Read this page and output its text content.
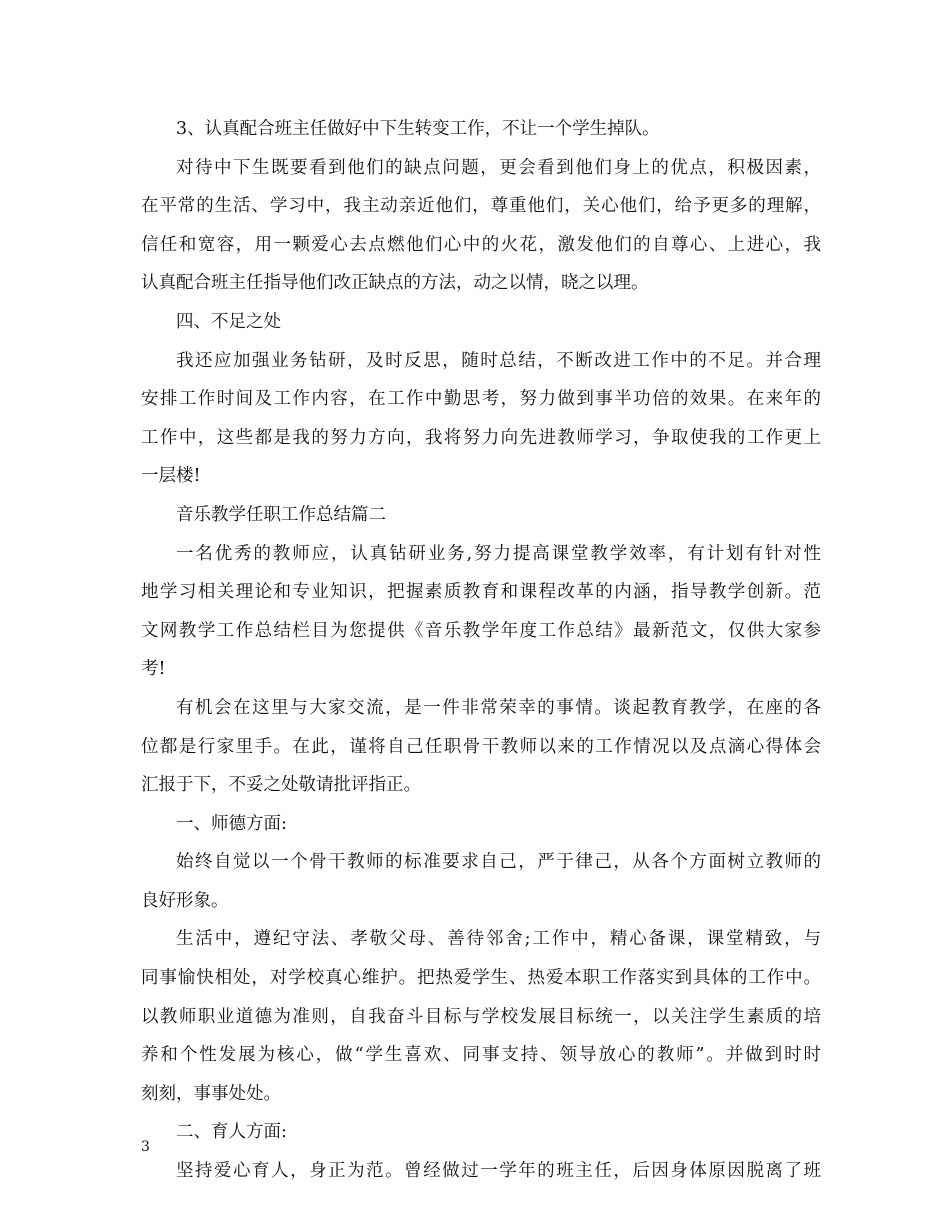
3、认真配合班主任做好中下生转变工作，不让一个学生掉队。
对待中下生既要看到他们的缺点问题，更会看到他们身上的优点，积极因素，
在平常的生活、学习中，我主动亲近他们，尊重他们，关心他们，给予更多的理解，
信任和宽容，用一颗爱心去点燃他们心中的火花，激发他们的自尊心、上进心，我
认真配合班主任指导他们改正缺点的方法，动之以情，晓之以理。
四、不足之处
我还应加强业务钻研，及时反思，随时总结，不断改进工作中的不足。并合理
安排工作时间及工作内容，在工作中勤思考，努力做到事半功倍的效果。在来年的
工作中，这些都是我的努力方向，我将努力向先进教师学习，争取使我的工作更上
一层楼!
音乐教学任职工作总结篇二
一名优秀的教师应，认真钻研业务,努力提高课堂教学效率，有计划有针对性
地学习相关理论和专业知识，把握素质教育和课程改革的内涵，指导教学创新。范
文网教学工作总结栏目为您提供《音乐教学年度工作总结》最新范文，仅供大家参
考!
有机会在这里与大家交流，是一件非常荣幸的事情。谈起教育教学，在座的各
位都是行家里手。在此，谨将自己任职骨干教师以来的工作情况以及点滴心得体会
汇报于下，不妥之处敬请批评指正。
一、师德方面:
始终自觉以一个骨干教师的标准要求自己，严于律己，从各个方面树立教师的
良好形象。
生活中，遵纪守法、孝敬父母、善待邻舍;工作中，精心备课，课堂精致，与
同事愉快相处，对学校真心维护。把热爱学生、热爱本职工作落实到具体的工作中。
以教师职业道德为准则，自我奋斗目标与学校发展目标统一，以关注学生素质的培
养和个性发展为核心，做“学生喜欢、同事支持、领导放心的教师”。并做到时时
刻刻，事事处处。
二、育人方面:
坚持爱心育人，身正为范。曾经做过一学年的班主任，后因身体原因脱离了班
3
